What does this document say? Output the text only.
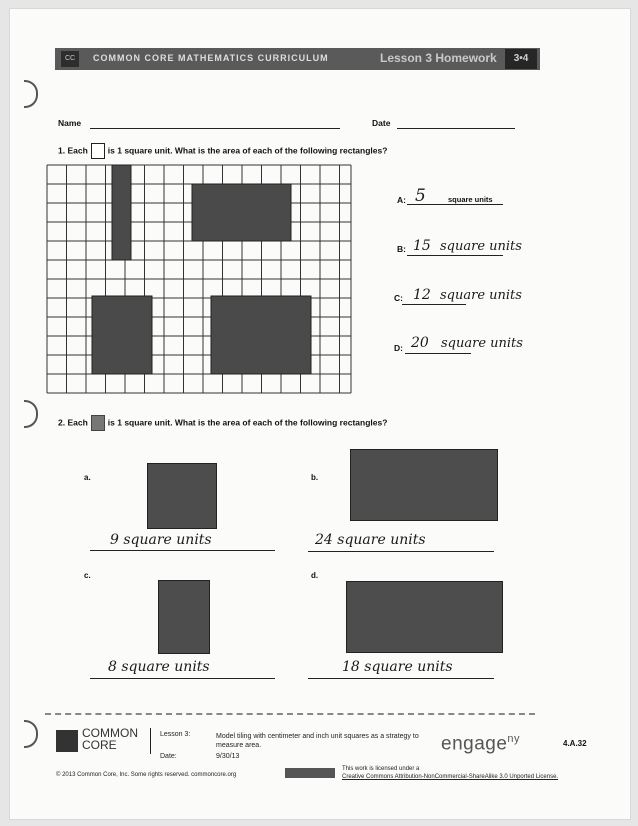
CC	COMMON CORE MATHEMATICS CURRICULUM	Lesson 3 Homework	3•4
Name	Date
1. Each is 1 square unit. What is the area of each of the following rectangles?
A: 5	square units
B: 15 square units
C: 12 square units
D: 20 square units
2. Each is 1 square unit. What is the area of each of the following rectangles?
a.
9 square units
b.
24 square units
c.
8 square units
d.
18 square units
COMMON
CORE
Lesson 3:	Model tiling with centimeter and inch unit squares as a strategy to
measure area.
Date:	9/30/13
engage$^{ny}$	4.A.32
© 2013 Common Core, Inc. Some rights reserved. commoncore.org
This work is licensed under a
Creative Commons Attribution-NonCommercial-ShareAlike 3.0 Unported License.
